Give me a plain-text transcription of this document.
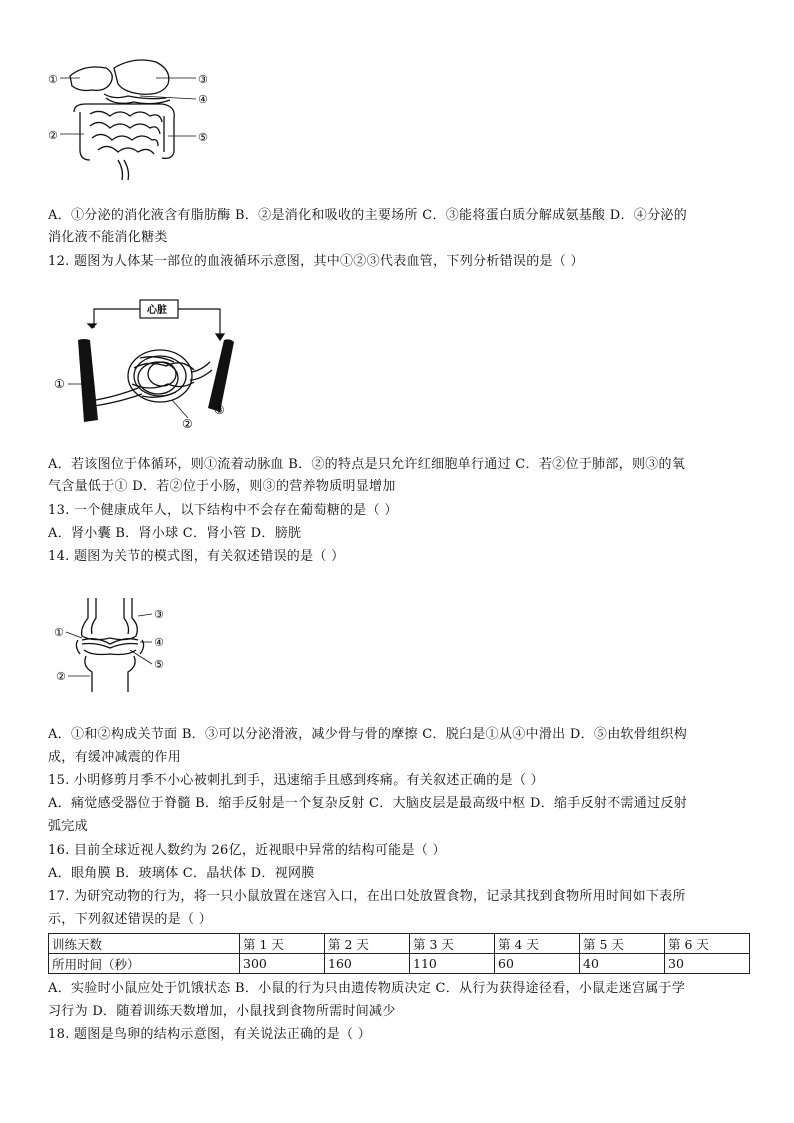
①	③
④
②	⑤
A．①分泌的消化液含有脂肪酶 B．②是消化和吸收的主要场所 C．③能将蛋白质分解成氨基酸 D．④分泌的
消化液不能消化糖类
12. 题图为人体某一部位的血液循环示意图，其中①②③代表血管，下列分析错误的是（ ）
①
②
③
心脏
A．若该图位于体循环，则①流着动脉血 B．②的特点是只允许红细胞单行通过 C．若②位于肺部，则③的氧
气含量低于① D．若②位于小肠，则③的营养物质明显增加
13. 一个健康成年人，以下结构中不会存在葡萄糖的是（ ）
A．肾小囊 B．肾小球 C．肾小管 D．膀胱
14. 题图为关节的模式图，有关叙述错误的是（ ）
①
③
④
⑤
②
A．①和②构成关节面 B．③可以分泌滑液，减少骨与骨的摩擦 C．脱臼是①从④中滑出 D．⑤由软骨组织构
成，有缓冲减震的作用
15. 小明修剪月季不小心被刺扎到手，迅速缩手且感到疼痛。有关叙述正确的是（ ）
A．痛觉感受器位于脊髓 B．缩手反射是一个复杂反射 C．大脑皮层是最高级中枢 D．缩手反射不需通过反射
弧完成
16. 目前全球近视人数约为 26亿，近视眼中异常的结构可能是（ ）
A．眼角膜 B．玻璃体 C．晶状体 D．视网膜
17. 为研究动物的行为，将一只小鼠放置在迷宫入口，在出口处放置食物，记录其找到食物所用时间如下表所
示，下列叙述错误的是（ ）
训练天数	第 1 天	第 2 天	第 3 天	第 4 天	第 5 天	第 6 天
所用时间（秒）	300	160	110	60	40	30
A．实验时小鼠应处于饥饿状态 B．小鼠的行为只由遗传物质决定 C．从行为获得途径看，小鼠走迷宫属于学
习行为 D．随着训练天数增加，小鼠找到食物所需时间减少
18. 题图是鸟卵的结构示意图，有关说法正确的是（ ）
